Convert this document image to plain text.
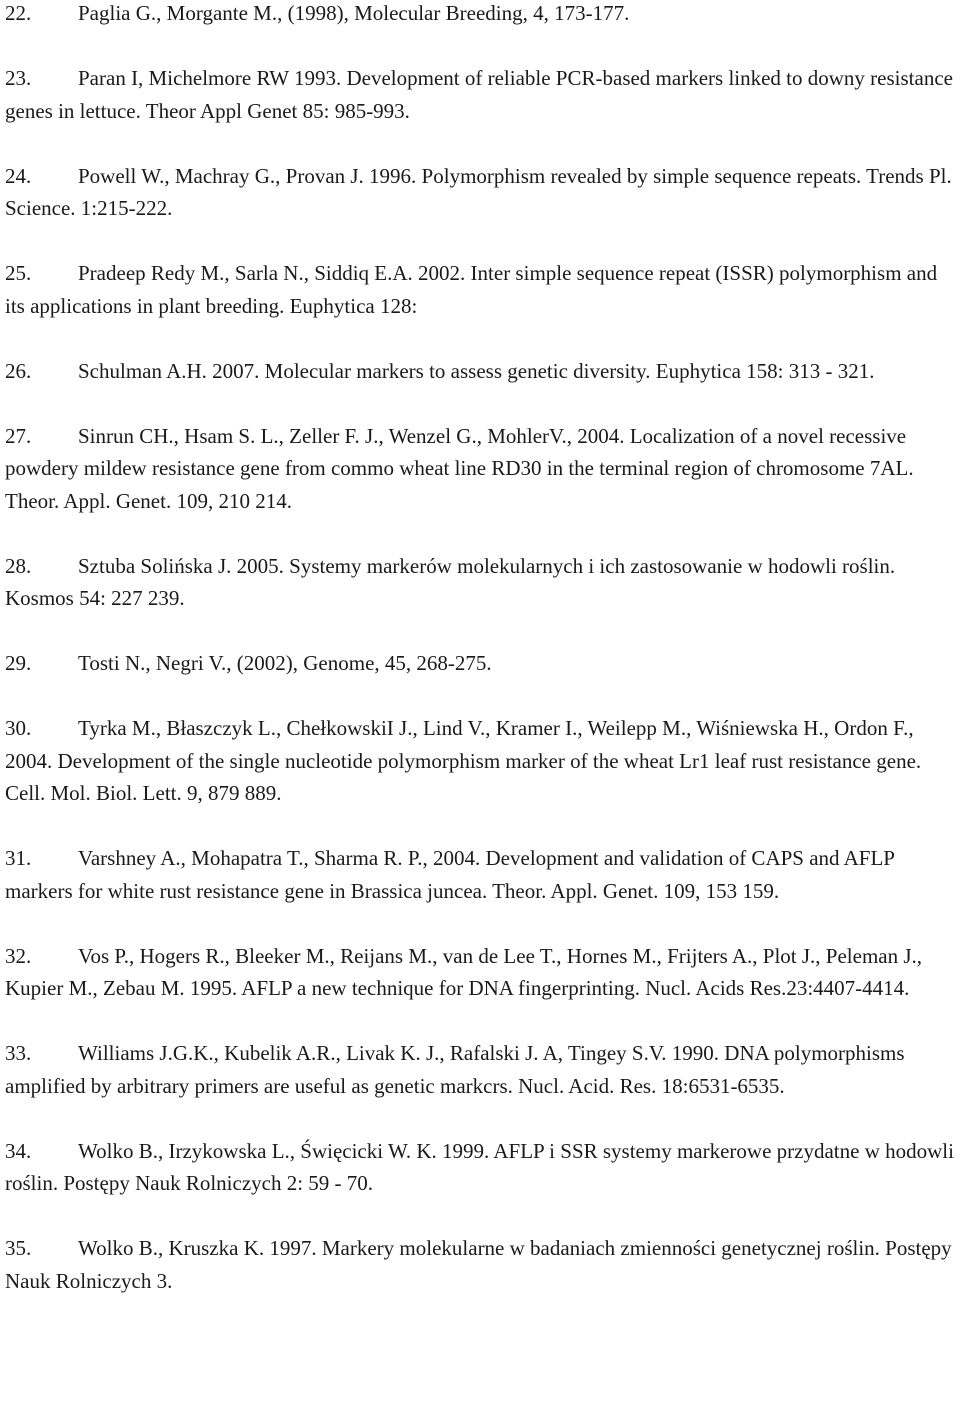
22. Paglia G., Morgante M., (1998), Molecular Breeding, 4, 173-177.

23. Paran I, Michelmore RW 1993. Development of reliable PCR-based markers linked to downy resistance genes in lettuce. Theor Appl Genet 85: 985-993.

24. Powell W., Machray G., Provan J. 1996. Polymorphism revealed by simple sequence repeats. Trends Pl. Science. 1:215-222.

25. Pradeep Redy M., Sarla N., Siddiq E.A. 2002. Inter simple sequence repeat (ISSR) polymorphism and its applications in plant breeding. Euphytica 128:

26. Schulman A.H. 2007. Molecular markers to assess genetic diversity. Euphytica 158: 313 - 321.

27. Sinrun CH., Hsam S. L., Zeller F. J., Wenzel G., MohlerV., 2004. Localization of a novel recessive powdery mildew resistance gene from commo wheat line RD30 in the terminal region of chromosome 7AL. Theor. Appl. Genet. 109, 210 214.

28. Sztuba Solińska J. 2005. Systemy markerów molekularnych i ich zastosowanie w hodowli roślin. Kosmos 54: 227 239.

29. Tosti N., Negri V., (2002), Genome, 45, 268-275.

30. Tyrka M., Błaszczyk L., ChełkowskiI J., Lind V., Kramer I., Weilepp M., Wiśniewska H., Ordon F., 2004. Development of the single nucleotide polymorphism marker of the wheat Lr1 leaf rust resistance gene. Cell. Mol. Biol. Lett. 9, 879 889.

31. Varshney A., Mohapatra T., Sharma R. P., 2004. Development and validation of CAPS and AFLP markers for white rust resistance gene in Brassica juncea. Theor. Appl. Genet. 109, 153 159.

32. Vos P., Hogers R., Bleeker M., Reijans M., van de Lee T., Hornes M., Frijters A., Plot J., Peleman J., Kupier M., Zebau M. 1995. AFLP a new technique for DNA fingerprinting. Nucl. Acids Res.23:4407-4414.

33. Williams J.G.K., Kubelik A.R., Livak K. J., Rafalski J. A, Tingey S.V. 1990. DNA polymorphisms amplified by arbitrary primers are useful as genetic markcrs. Nucl. Acid. Res. 18:6531-6535.

34. Wolko B., Irzykowska L., Święcicki W. K. 1999. AFLP i SSR systemy markerowe przydatne w hodowli roślin. Postępy Nauk Rolniczych 2: 59 - 70.

35. Wolko B., Kruszka K. 1997. Markery molekularne w badaniach zmienności genetycznej roślin. Postępy Nauk Rolniczych 3.
